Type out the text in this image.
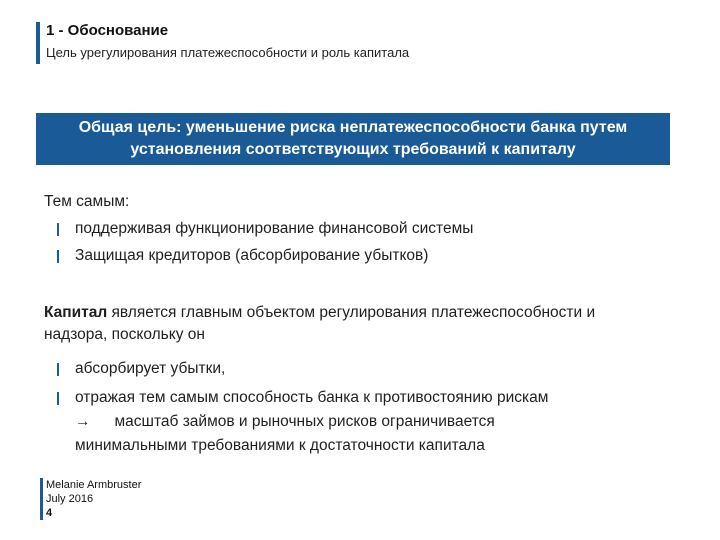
1 - Обоснование
Цель урегулирования платежеспособности и роль капитала
Общая цель: уменьшение риска неплатежеспособности банка путем
установления соответствующих требований к капиталу
Тем самым:
поддерживая функционирование финансовой системы
Защищая кредиторов (абсорбирование убытков)
Капитал является главным объектом регулирования платежеспособности и
надзора, поскольку он
абсорбирует убытки,
отражая тем самым способность банка к противостоянию рискам
→ масштаб займов и рыночных рисков ограничивается
минимальными требованиями к достаточности капитала
Melanie Armbruster
July 2016
4
